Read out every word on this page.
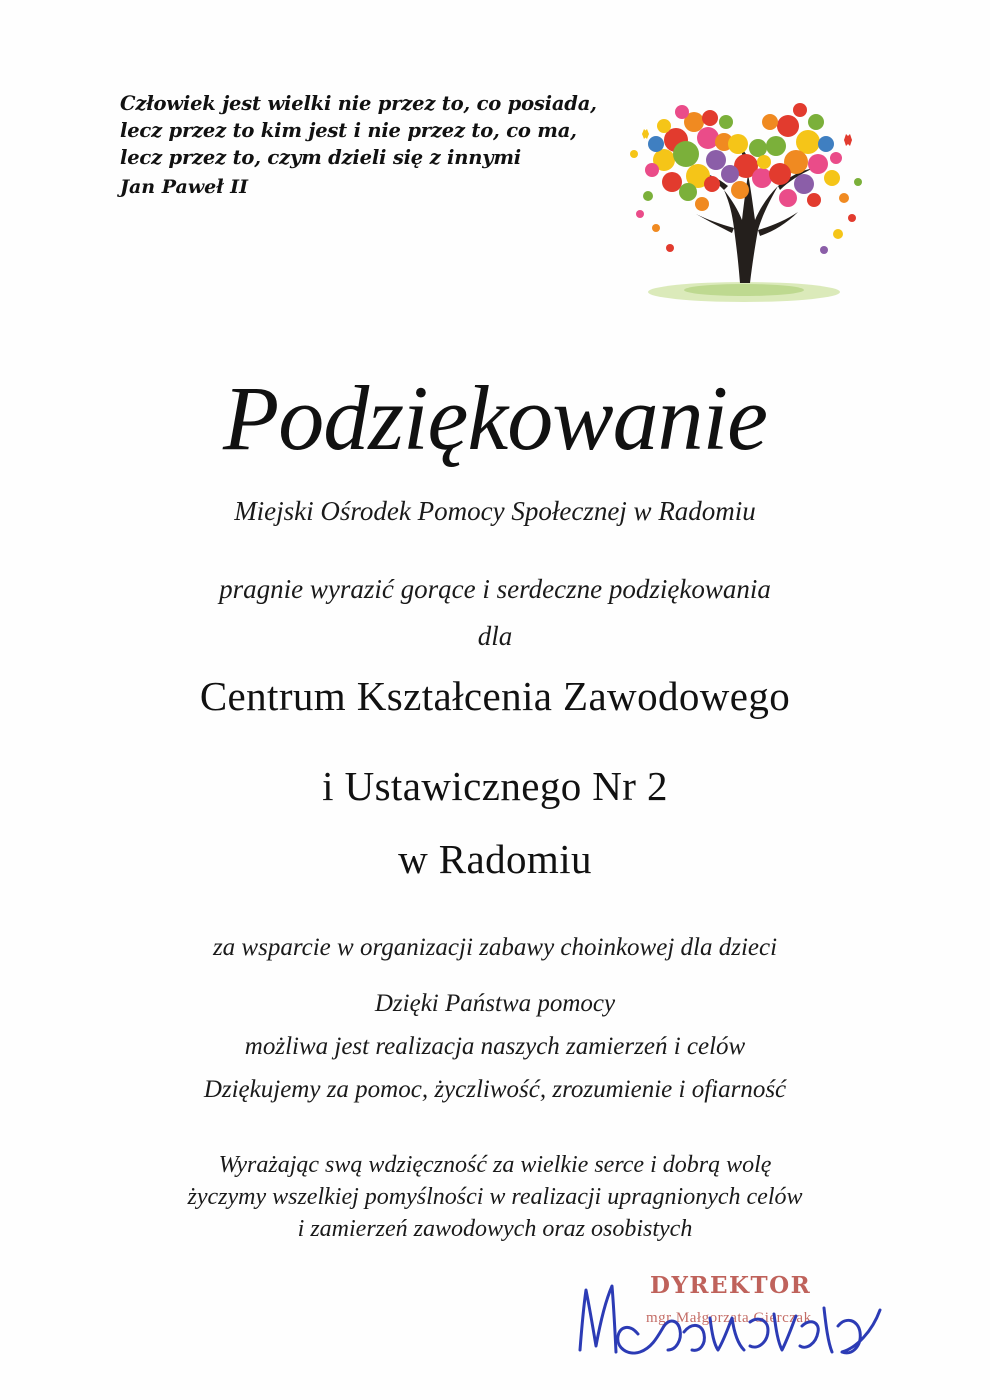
Człowiek jest wielki nie przez to, co posiada,
lecz przez to kim jest i nie przez to, co ma,
lecz przez to, czym dzieli się z innymi
Jan Paweł II
Podziękowanie
Miejski Ośrodek Pomocy Społecznej w Radomiu
pragnie wyrazić gorące i serdeczne podziękowania
dla
Centrum Kształcenia Zawodowego
i Ustawicznego Nr 2
w Radomiu
za wsparcie w organizacji zabawy choinkowej dla dzieci
Dzięki Państwa pomocy
możliwa jest realizacja naszych zamierzeń i celów
Dziękujemy za pomoc, życzliwość, zrozumienie i ofiarność
Wyrażając swą wdzięczność za wielkie serce i dobrą wolę
życzymy wszelkiej pomyślności w realizacji upragnionych celów
i zamierzeń zawodowych oraz osobistych
DYREKTOR
mgr Małgorzata Gierczak
